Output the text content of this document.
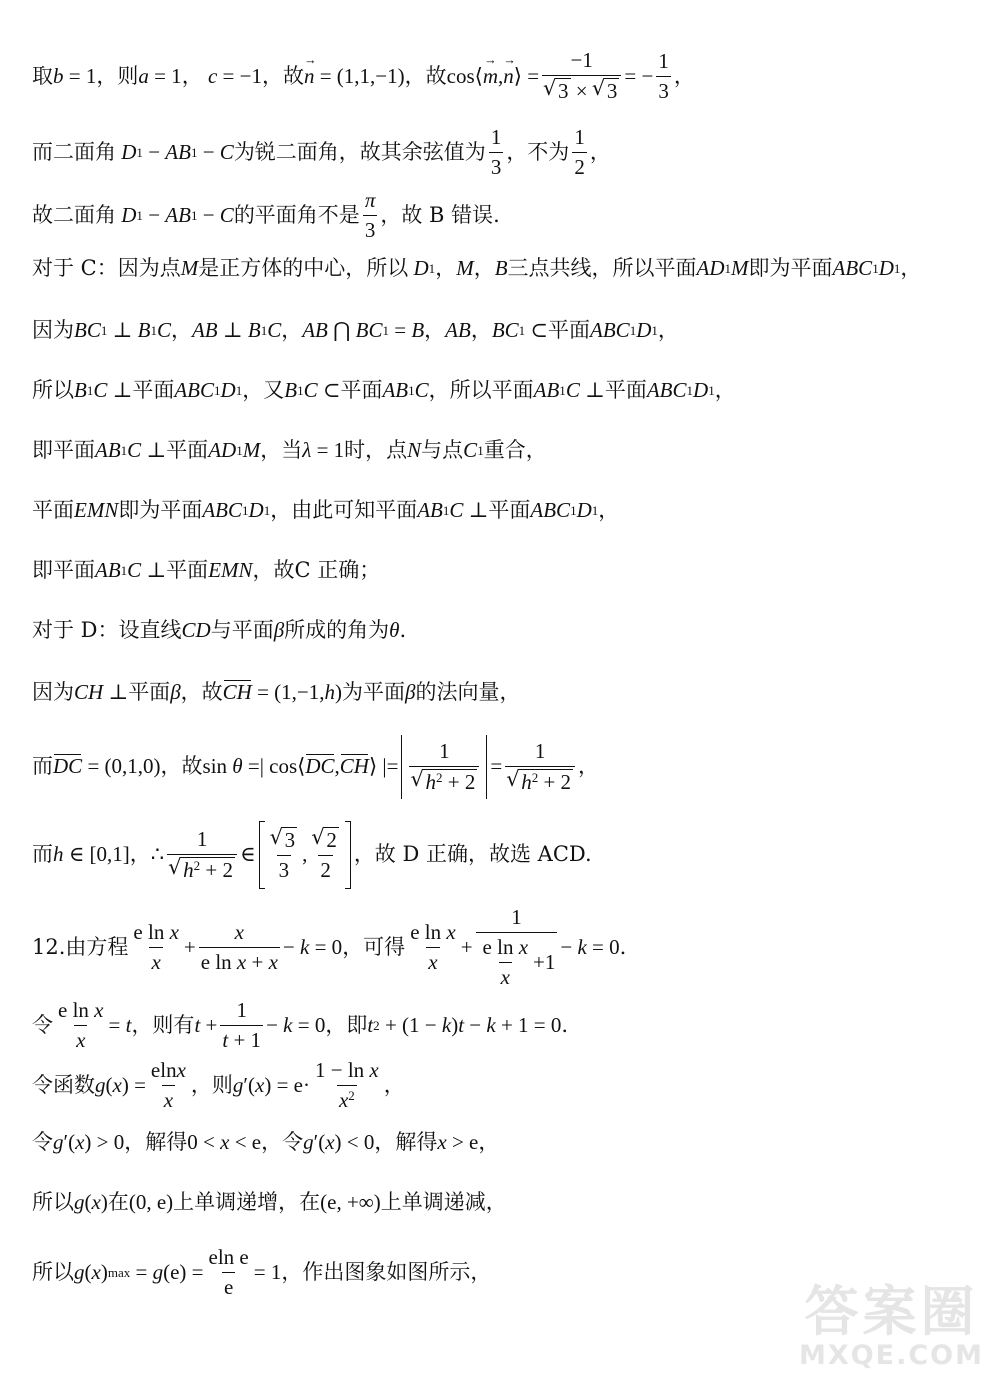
取 b = 1 ，则 a = 1 ， c = −1 ，故 n → = (1,1,−1) ，故 cos⟨ m → , n → ⟩ = −1
√ 3 × √ 3 = − $\frac{1}{3}$ ，
而二面角 D 1 − AB 1 − C 为锐二面角，故其余弦值为 $\frac{1}{3}$ ，不为 $\frac{1}{2}$ ，
故二面角 D 1 − AB 1 − C 的平面角不是 $\frac{\pi}{3}$ ，故 B 错误.
对于 C：因为点 M 是正方体的中心，所以 D 1 ， M ， B 三点共线，所以平面 AD 1 M 即为平面 ABC 1 D 1 ，
因为 BC 1 ⊥ B 1 C ， AB ⊥ B 1 C ， AB ⋂ BC 1 = B ， AB ， BC 1 ⊂ 平面 ABC 1 D 1 ，
所以 B 1 C ⊥ 平面 ABC 1 D 1 ，又 B 1 C ⊂ 平面 AB 1 C ，所以平面 AB 1 C ⊥ 平面 ABC 1 D 1 ，
即平面 AB 1 C ⊥ 平面 AD 1 M ，当 λ = 1 时，点 N 与点 C 1 重合，
平面 EMN 即为平面 ABC 1 D 1 ，由此可知平面 AB 1 C ⊥ 平面 ABC 1 D 1 ，
即平面 AB 1 C ⊥ 平面 EMN ，故C 正确；
对于 D：设直线 CD 与平面 β 所成的角为 θ .
因为 CH ⊥ 平面 β ，故 CH = (1,−1, h ) 为平面 β 的法向量，
而 DC = (0,1,0) ，故 sin θ =| cos⟨ DC , CH ⟩ |= 1
√ $h^2 + 2 = 1$
√ $h^2 + 2$ ，
而 h ∈ [0,1] ， ∴ 1
√ $h^2 + 2$ ∈ √ $\frac{3}{3}$ , √ $\frac{2}{2}$ ，故 D 正确，故选 ACD.
12.由方程 $\frac{\text{e ln x}}{x} + \frac{x}{\text{e ln x + x}} - k = 0$ ，可得 $\frac{\text{e ln x}}{x} + \frac{1}{\frac{\text{e ln x}}{x} +1} - k = 0$ .
令 $\frac{\text{e ln x}}{x} = t$ ，则有 $t + \frac{1}{t + 1} - k = 0$ ，即 t 2 + (1 − k ) t − k + 1 = 0 .
令函数 g ( x ) = $\frac{elnx}{x}$ ，则 g ′( x ) = $e\cdot \frac{\text{1 − ln x}}{x^2}$ ，
令 g ′( x ) > 0 ，解得 0 < x < e ，令 g ′( x ) < 0 ，解得 x > e ，
所以 g ( x ) 在 (0, e) 上单调递增，在 (e, +∞) 上单调递减，
所以 g ( x ) max = g $(e) = \frac{\text{eln e}}{e} = 1$ ，作出图象如图所示，
答案圈
MXQE.COM
